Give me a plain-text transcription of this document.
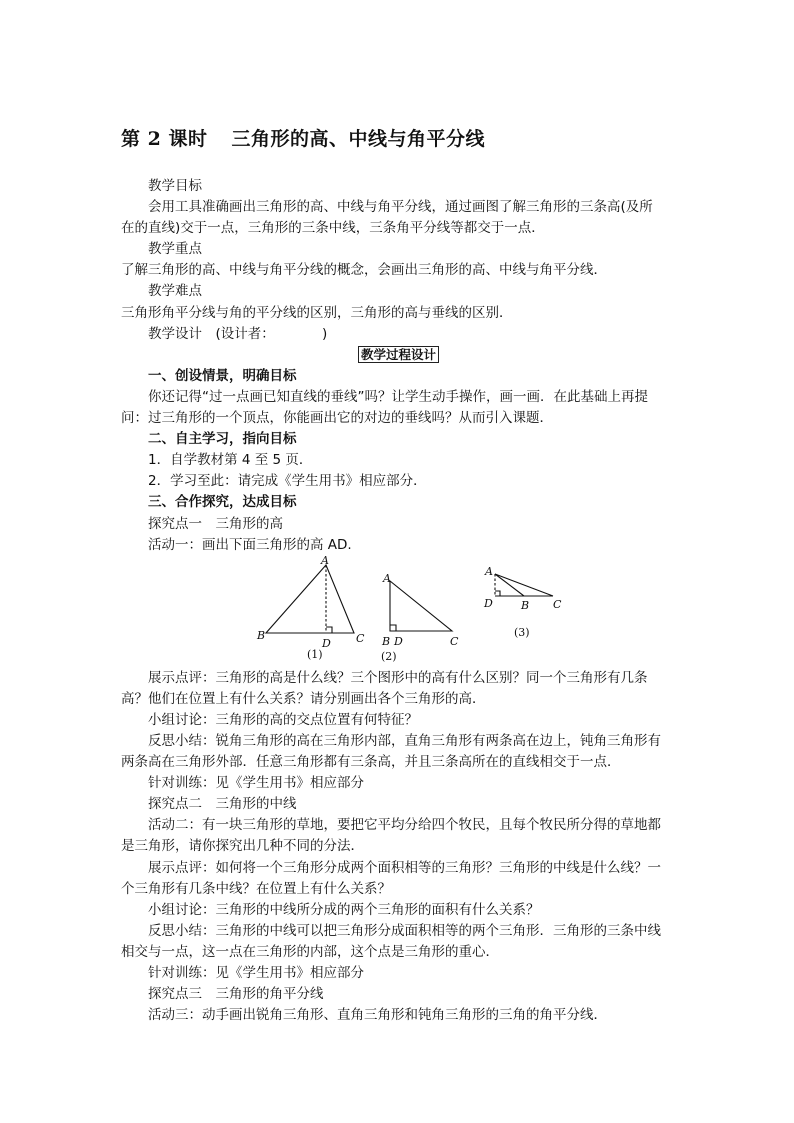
第 2 课时 三角形的高、中线与角平分线
教学目标
会用工具准确画出三角形的高、中线与角平分线，通过画图了解三角形的三条高(及所
在的直线)交于一点，三角形的三条中线，三条角平分线等都交于一点．
教学重点
了解三角形的高、中线与角平分线的概念，会画出三角形的高、中线与角平分线．
教学难点
三角形角平分线与角的平分线的区别，三角形的高与垂线的区别．
教学设计　(设计者：　　　　)
教学过程设计
一、创设情景，明确目标
你还记得“过一点画已知直线的垂线”吗？让学生动手操作，画一画．在此基础上再提
问：过三角形的一个顶点，你能画出它的对边的垂线吗？从而引入课题．
二、自主学习，指向目标
1．自学教材第 4 至 5 页．
2．学习至此：请完成《学生用书》相应部分．
三、合作探究，达成目标
探究点一　三角形的高
活动一：画出下面三角形的高 AD.
A
B
D C
(1)
A
B D	C
(2)
A
D	B C
(3)
展示点评：三角形的高是什么线？三个图形中的高有什么区别？同一个三角形有几条
高？他们在位置上有什么关系？请分别画出各个三角形的高．
小组讨论：三角形的高的交点位置有何特征？
反思小结：锐角三角形的高在三角形内部，直角三角形有两条高在边上，钝角三角形有
两条高在三角形外部．任意三角形都有三条高，并且三条高所在的直线相交于一点．
针对训练：见《学生用书》相应部分
探究点二　三角形的中线
活动二：有一块三角形的草地，要把它平均分给四个牧民，且每个牧民所分得的草地都
是三角形，请你探究出几种不同的分法．
展示点评：如何将一个三角形分成两个面积相等的三角形？三角形的中线是什么线？一
个三角形有几条中线？在位置上有什么关系？
小组讨论：三角形的中线所分成的两个三角形的面积有什么关系？
反思小结：三角形的中线可以把三角形分成面积相等的两个三角形．三角形的三条中线
相交与一点，这一点在三角形的内部，这个点是三角形的重心．
针对训练：见《学生用书》相应部分
探究点三　三角形的角平分线
活动三：动手画出锐角三角形、直角三角形和钝角三角形的三角的角平分线．
